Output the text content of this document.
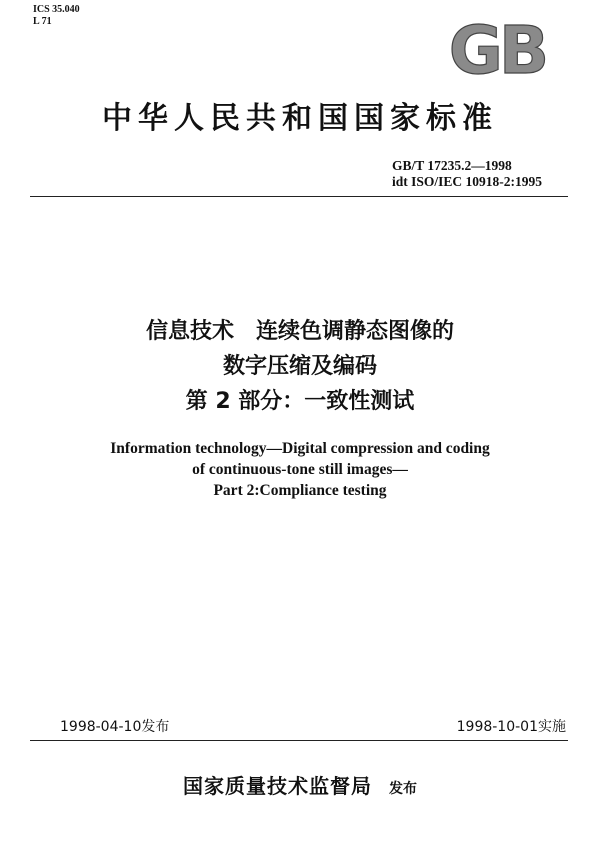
ICS 35.040
L 71	GB
中华人民共和国国家标准
GB/T 17235.2—1998
idt ISO/IEC 10918-2:1995
信息技术　连续色调静态图像的
数字压缩及编码
第 2 部分：一致性测试
Information technology—Digital compression and coding
of continuous-tone still images—
Part 2:Compliance testing
1998-04-10发布	1998-10-01实施
国家质量技术监督局 发布
